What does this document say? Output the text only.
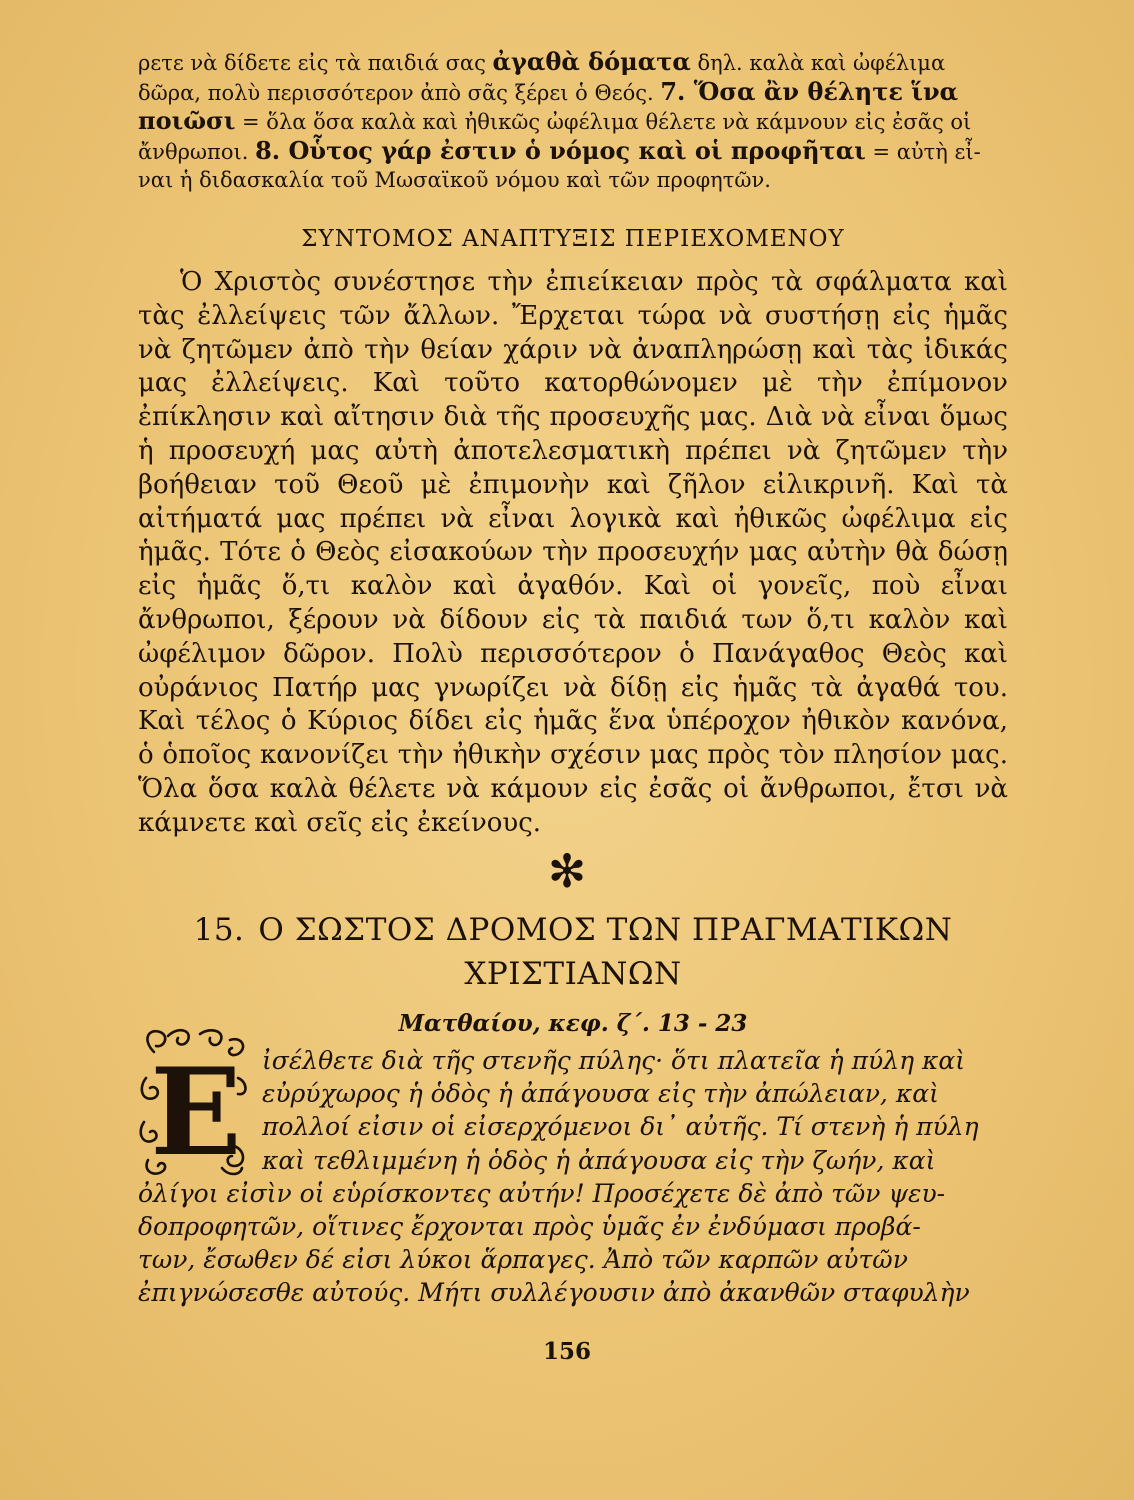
ρετε νὰ δίδετε εἰς τὰ παιδιά σας ἀγαθὰ δόματα δηλ. καλὰ καὶ ὠφέλιμα

δῶρα, πολὺ περισσότερον ἀπὸ σᾶς ξέρει ὁ Θεός. 7. Ὅσα ἂν θέλητε ἵνα

ποιῶσι = ὅλα ὅσα καλὰ καὶ ἠθικῶς ὠφέλιμα θέλετε νὰ κάμνουν εἰς ἐσᾶς οἱ

ἄνθρωποι. 8. Οὗτος γάρ ἐστιν ὁ νόμος καὶ οἱ προφῆται = αὐτὴ εἶ-

ναι ἡ διδασκαλία τοῦ Μωσαϊκοῦ νόμου καὶ τῶν προφητῶν.

ΣΥΝΤΟΜΟΣ ΑΝΑΠΤΥΞΙΣ ΠΕΡΙΕΧΟΜΕΝΟΥ

Ὁ Χριστὸς συνέστησε τὴν ἐπιείκειαν πρὸς τὰ σφάλματα καὶ τὰς ἐλλείψεις τῶν ἄλλων. Ἔρχεται τώρα νὰ συστήσῃ εἰς ἡμᾶς νὰ ζητῶμεν ἀπὸ τὴν θείαν χάριν νὰ ἀναπληρώσῃ καὶ τὰς ἰδικάς μας ἐλλείψεις. Καὶ τοῦτο κατορθώνομεν μὲ τὴν ἐπίμονον ἐπίκλησιν καὶ αἴτησιν διὰ τῆς προσευχῆς μας. Διὰ νὰ εἶναι ὅμως ἡ προσευχή μας αὐτὴ ἀποτελεσματικὴ πρέπει νὰ ζητῶμεν τὴν βοήθειαν τοῦ Θεοῦ μὲ ἐπιμονὴν καὶ ζῆλον εἰλικρινῆ. Καὶ τὰ αἰτήματά μας πρέπει νὰ εἶναι λογικὰ καὶ ἠθικῶς ὠφέλιμα εἰς ἡμᾶς. Τότε ὁ Θεὸς εἰσακούων τὴν προσευχήν μας αὐτὴν θὰ δώσῃ εἰς ἡμᾶς ὅ,τι καλὸν καὶ ἀγαθόν. Καὶ οἱ γονεῖς, ποὺ εἶναι ἄνθρωποι, ξέρουν νὰ δίδουν εἰς τὰ παιδιά των ὅ,τι καλὸν καὶ ὠφέλιμον δῶρον. Πολὺ περισσότερον ὁ Πανάγαθος Θεὸς καὶ οὐράνιος Πατήρ μας γνωρίζει νὰ δίδῃ εἰς ἡμᾶς τὰ ἀγαθά του. Καὶ τέλος ὁ Κύριος δίδει εἰς ἡμᾶς ἕνα ὑπέροχον ἠθικὸν κανόνα, ὁ ὁποῖος κανονίζει τὴν ἠθικὴν σχέσιν μας πρὸς τὸν πλησίον μας. Ὅλα ὅσα καλὰ θέλετε νὰ κάμουν εἰς ἐσᾶς οἱ ἄνθρωποι, ἔτσι νὰ κάμνετε καὶ σεῖς εἰς ἐκείνους.

✻
15. Ο ΣΩΣΤΟΣ ΔΡΟΜΟΣ ΤΩΝ ΠΡΑΓΜΑΤΙΚΩΝ
ΧΡΙΣΤΙΑΝΩΝ
Ματθαίου, κεφ. ζ΄. 13 - 23
Ε ἰσέλθετε διὰ τῆς στενῆς πύλης· ὅτι πλατεῖα ἡ πύλη καὶ
εὐρύχωρος ἡ ὁδὸς ἡ ἀπάγουσα εἰς τὴν ἀπώλειαν, καὶ
πολλοί εἰσιν οἱ εἰσερχόμενοι δι᾽ αὐτῆς. Τί στενὴ ἡ πύλη
καὶ τεθλιμμένη ἡ ὁδὸς ἡ ἀπάγουσα εἰς τὴν ζωήν, καὶ
ὀλίγοι εἰσὶν οἱ εὑρίσκοντες αὐτήν! Προσέχετε δὲ ἀπὸ τῶν ψευ-
δοπροφητῶν, οἵτινες ἔρχονται πρὸς ὑμᾶς ἐν ἐνδύμασι προβά-
των, ἔσωθεν δέ εἰσι λύκοι ἅρπαγες. Ἀπὸ τῶν καρπῶν αὐτῶν
ἐπιγνώσεσθε αὐτούς. Μήτι συλλέγουσιν ἀπὸ ἀκανθῶν σταφυλὴν
156
